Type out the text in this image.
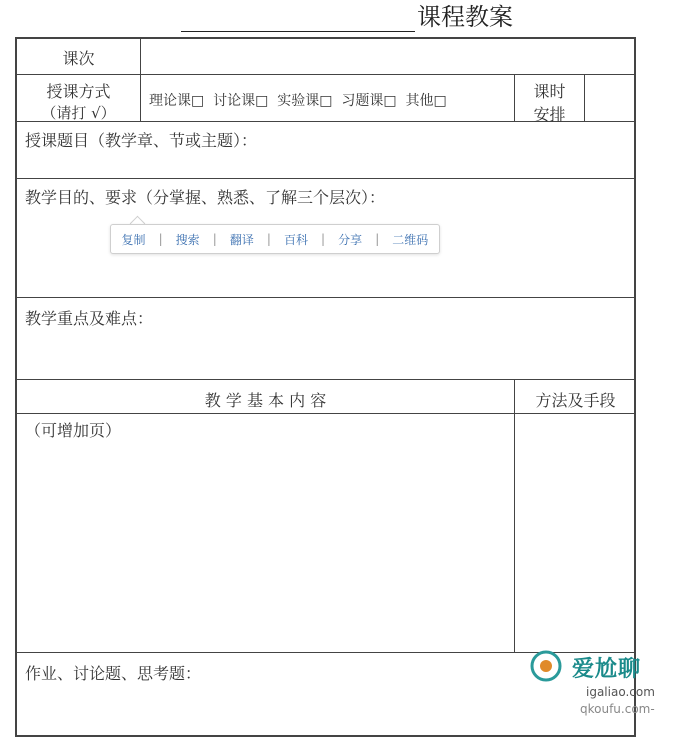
课程教案
课次
授课方式
（请打 √）
理论课□  讨论课□  实验课□  习题课□  其他□	课时
安排
授课题目（教学章、节或主题）：
教学目的、要求（分掌握、熟悉、了解三个层次）：
教学重点及难点：
教 学 基 本 内 容	方法及手段
（可增加页）
作业、讨论题、思考题：
复制 | 搜索 | 翻译 | 百科 | 分享 | 二维码
爱尬聊
igaliao.com
qkoufu.com-
